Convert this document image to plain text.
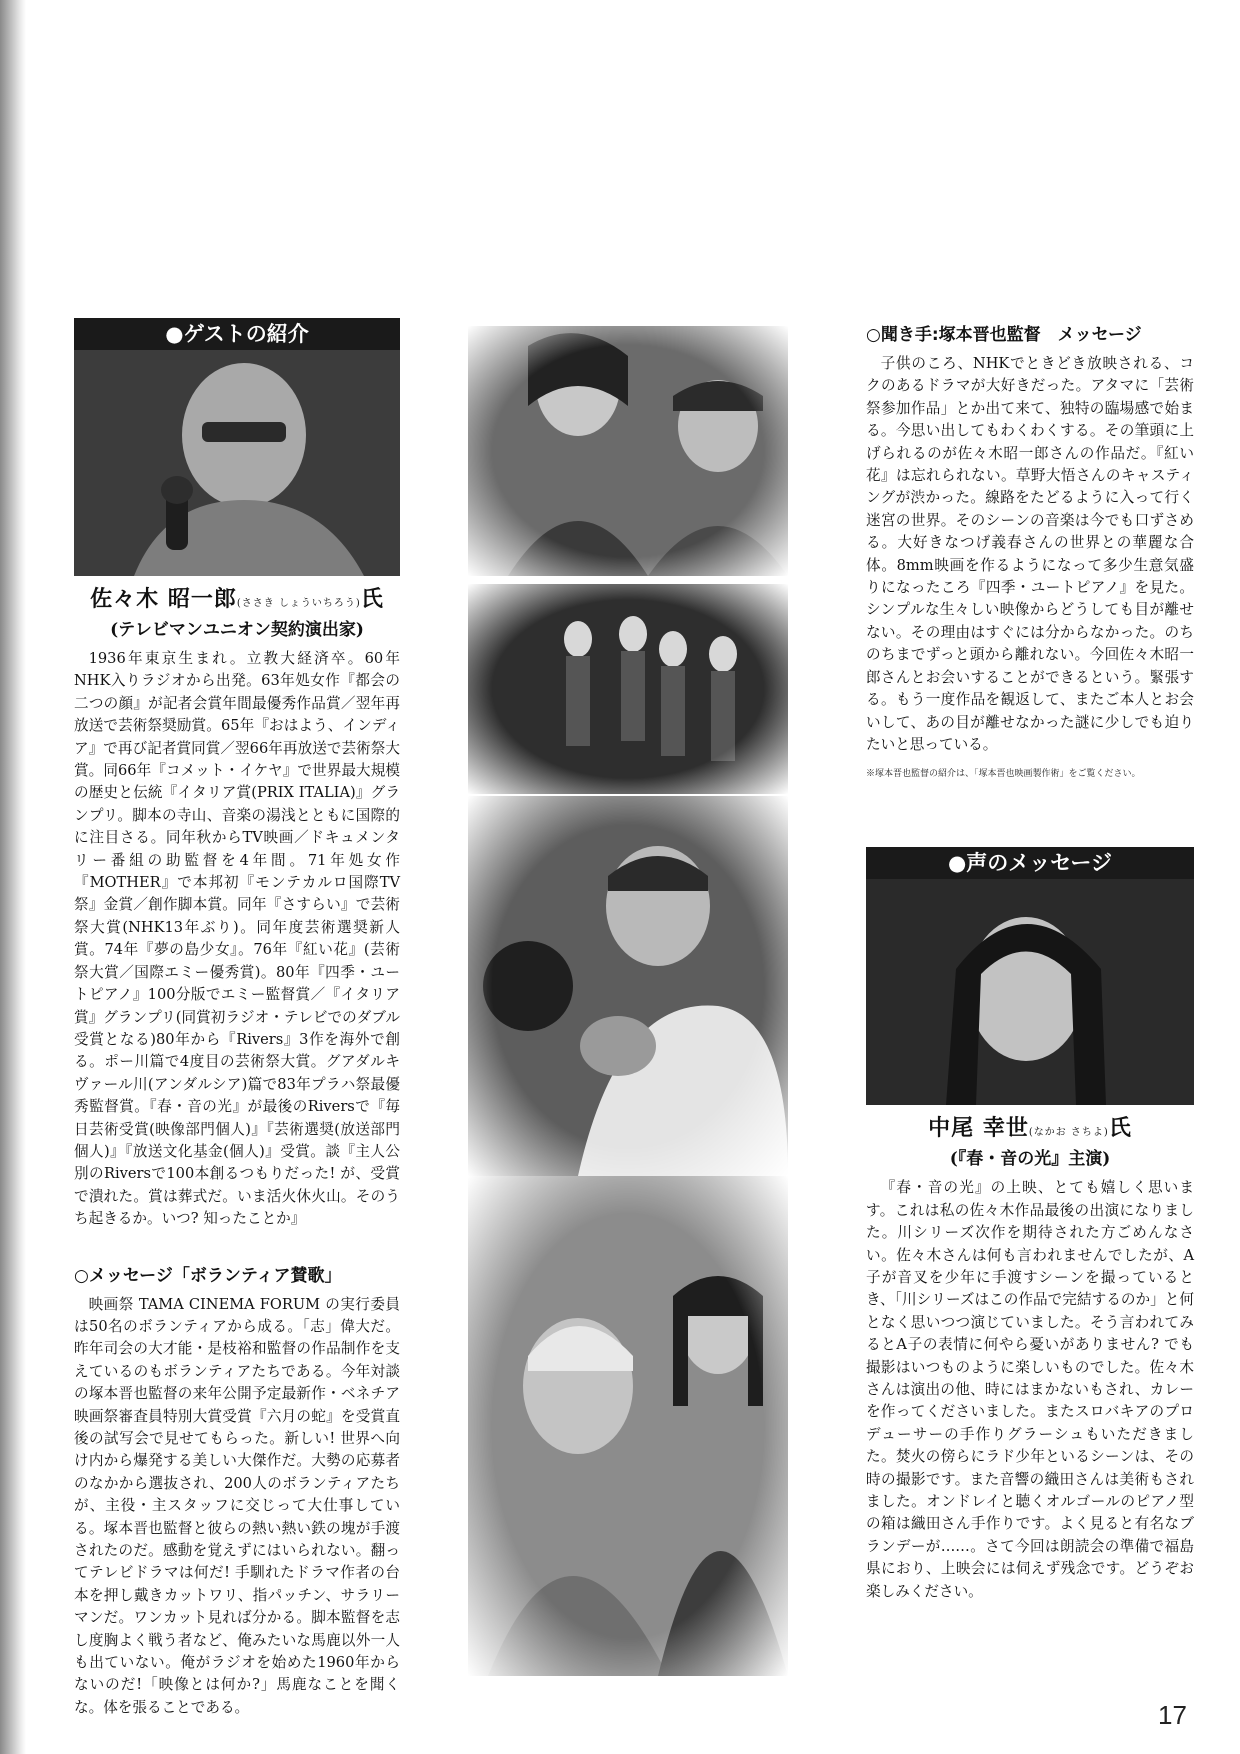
●ゲストの紹介
佐々木 昭一郎(ささき しょういちろう)氏
(テレビマンユニオン契約演出家)

1936年東京生まれ。立教大経済卒。60年NHK入りラジオから出発。63年処女作『都会の二つの顔』が記者会賞年間最優秀作品賞／翌年再放送で芸術祭奨励賞。65年『おはよう、インディア』で再び記者賞同賞／翌66年再放送で芸術祭大賞。同66年『コメット・イケヤ』で世界最大規模の歴史と伝統『イタリア賞(PRIX ITALIA)』グランプリ。脚本の寺山、音楽の湯浅とともに国際的に注目さる。同年秋からTV映画／ドキュメンタリー番組の助監督を4年間。71年処女作『MOTHER』で本邦初『モンテカルロ国際TV祭』金賞／創作脚本賞。同年『さすらい』で芸術祭大賞(NHK13年ぶり)。同年度芸術選奨新人賞。74年『夢の島少女』。76年『紅い花』(芸術祭大賞／国際エミー優秀賞)。80年『四季・ユートピアノ』100分版でエミー監督賞／『イタリア賞』グランプリ(同賞初ラジオ・テレビでのダブル受賞となる)80年から『Rivers』3作を海外で創る。ポー川篇で4度目の芸術祭大賞。グアダルキヴァール川(アンダルシア)篇で83年プラハ祭最優秀監督賞。『春・音の光』が最後のRiversで『毎日芸術受賞(映像部門個人)』『芸術選奨(放送部門個人)』『放送文化基金(個人)』受賞。談『主人公別のRiversで100本創るつもりだった! が、受賞で潰れた。賞は葬式だ。いま活火休火山。そのうち起きるか。いつ? 知ったことか』

○メッセージ「ボランティア賛歌」

映画祭 TAMA CINEMA FORUM の実行委員は50名のボランティアから成る。「志」偉大だ。昨年司会の大才能・是枝裕和監督の作品制作を支えているのもボランティアたちである。今年対談の塚本晋也監督の来年公開予定最新作・ベネチア映画祭審査員特別大賞受賞『六月の蛇』を受賞直後の試写会で見せてもらった。新しい! 世界へ向け内から爆発する美しい大傑作だ。大勢の応募者のなかから選抜され、200人のボランティアたちが、主役・主スタッフに交じって大仕事している。塚本晋也監督と彼らの熱い熱い鉄の塊が手渡されたのだ。感動を覚えずにはいられない。翻ってテレビドラマは何だ! 手馴れたドラマ作者の台本を押し戴きカットワリ、指パッチン、サラリーマンだ。ワンカット見れば分かる。脚本監督を志し度胸よく戦う者など、俺みたいな馬鹿以外一人も出ていない。俺がラジオを始めた1960年からないのだ!「映像とは何か?」馬鹿なことを聞くな。体を張ることである。

○聞き手:塚本晋也監督　メッセージ

子供のころ、NHKでときどき放映される、コクのあるドラマが大好きだった。アタマに「芸術祭参加作品」とか出て来て、独特の臨場感で始まる。今思い出してもわくわくする。その筆頭に上げられるのが佐々木昭一郎さんの作品だ。『紅い花』は忘れられない。草野大悟さんのキャスティングが渋かった。線路をたどるように入って行く迷宮の世界。そのシーンの音楽は今でも口ずさめる。大好きなつげ義春さんの世界との華麗な合体。8mm映画を作るようになって多少生意気盛りになったころ『四季・ユートピアノ』を見た。シンプルな生々しい映像からどうしても目が離せない。その理由はすぐには分からなかった。のちのちまでずっと頭から離れない。今回佐々木昭一郎さんとお会いすることができるという。緊張する。もう一度作品を観返して、またご本人とお会いして、あの目が離せなかった謎に少しでも迫りたいと思っている。

※塚本晋也監督の紹介は、「塚本晋也映画製作術」をご覧ください。
●声のメッセージ
中尾 幸世(なかお さちよ)氏
(『春・音の光』主演)

『春・音の光』の上映、とても嬉しく思います。これは私の佐々木作品最後の出演になりました。川シリーズ次作を期待された方ごめんなさい。佐々木さんは何も言われませんでしたが、A子が音叉を少年に手渡すシーンを撮っているとき、「川シリーズはこの作品で完結するのか」と何となく思いつつ演じていました。そう言われてみるとA子の表情に何やら憂いがありません? でも撮影はいつものように楽しいものでした。佐々木さんは演出の他、時にはまかないもされ、カレーを作ってくださいました。またスロバキアのプロデューサーの手作りグラーシュもいただきました。焚火の傍らにラド少年といるシーンは、その時の撮影です。また音響の織田さんは美術もされました。オンドレイと聴くオルゴールのピアノ型の箱は織田さん手作りです。よく見ると有名なブランデーが……。さて今回は朗読会の準備で福島県におり、上映会には伺えず残念です。どうぞお楽しみください。

17
